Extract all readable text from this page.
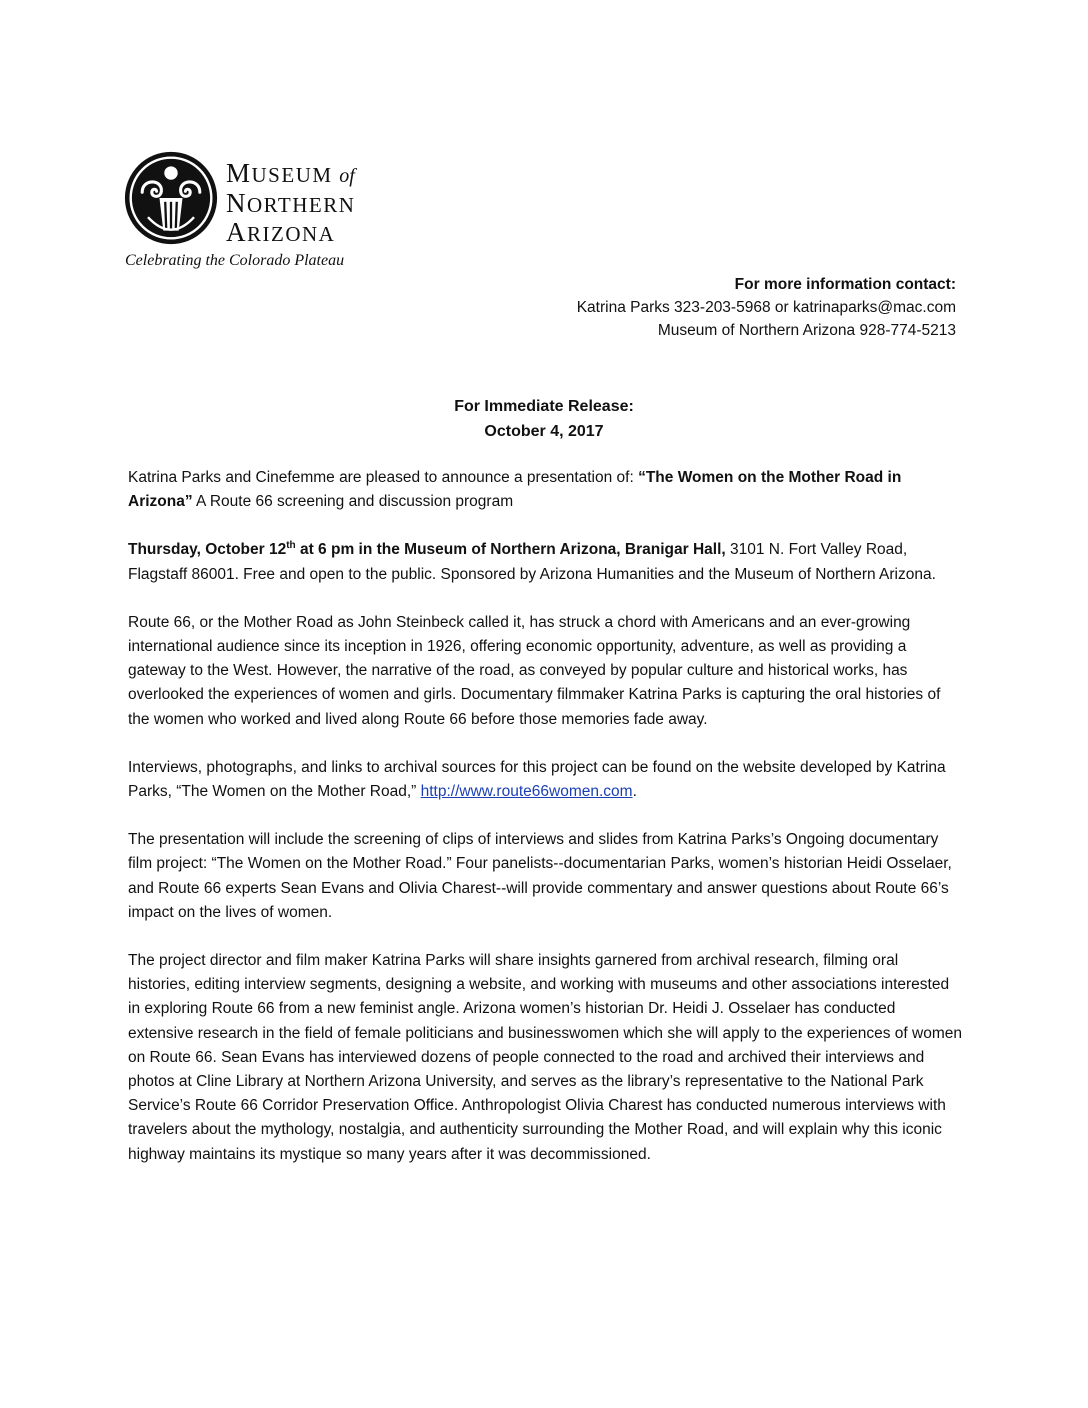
MUSEUM of
NORTHERN
ARIZONA
Celebrating the Colorado Plateau
For more information contact:
Katrina Parks 323-203-5968 or katrinaparks@mac.com
Museum of Northern Arizona 928-774-5213
For Immediate Release:
October 4, 2017

Katrina Parks and Cinefemme are pleased to announce a presentation of: “The Women on the Mother Road in Arizona” A Route 66 screening and discussion program

Thursday, October 12th at 6 pm in the Museum of Northern Arizona, Branigar Hall, 3101 N. Fort Valley Road, Flagstaff 86001. Free and open to the public. Sponsored by Arizona Humanities and the Museum of Northern Arizona.

Route 66, or the Mother Road as John Steinbeck called it, has struck a chord with Americans and an ever-growing international audience since its inception in 1926, offering economic opportunity, adventure, as well as providing a gateway to the West. However, the narrative of the road, as conveyed by popular culture and historical works, has overlooked the experiences of women and girls. Documentary filmmaker Katrina Parks is capturing the oral histories of the women who worked and lived along Route 66 before those memories fade away.

Interviews, photographs, and links to archival sources for this project can be found on the website developed by Katrina Parks, “The Women on the Mother Road,” http://www.route66women.com.

The presentation will include the screening of clips of interviews and slides from Katrina Parks’s Ongoing documentary film project: “The Women on the Mother Road.” Four panelists--documentarian Parks, women’s historian Heidi Osselaer, and Route 66 experts Sean Evans and Olivia Charest--will provide commentary and answer questions about Route 66’s impact on the lives of women.

The project director and film maker Katrina Parks will share insights garnered from archival research, filming oral histories, editing interview segments, designing a website, and working with museums and other associations interested in exploring Route 66 from a new feminist angle. Arizona women’s historian Dr. Heidi J. Osselaer has conducted extensive research in the field of female politicians and businesswomen which she will apply to the experiences of women on Route 66. Sean Evans has interviewed dozens of people connected to the road and archived their interviews and photos at Cline Library at Northern Arizona University, and serves as the library’s representative to the National Park Service’s Route 66 Corridor Preservation Office. Anthropologist Olivia Charest has conducted numerous interviews with travelers about the mythology, nostalgia, and authenticity surrounding the Mother Road, and will explain why this iconic highway maintains its mystique so many years after it was decommissioned.
